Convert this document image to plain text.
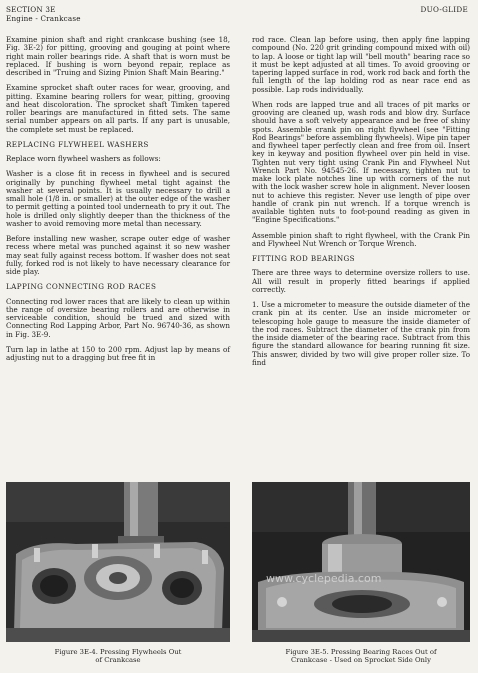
SECTION 3E
Engine - Crankcase
DUO-GLIDE

Examine pinion shaft and right crankcase bushing (see 18, Fig. 3E-2) for pitting, grooving and gouging at point where right main roller bearings ride. A shaft that is worn must be replaced. If bushing is worn beyond repair, replace as described in "Truing and Sizing Pinion Shaft Main Bearing."

Examine sprocket shaft outer races for wear, grooving, and pitting. Examine bearing rollers for wear, pitting, grooving and heat discoloration. The sprocket shaft Timken tapered roller bearings are manufactured in fitted sets. The same serial number appears on all parts. If any part is unusable, the complete set must be replaced.

REPLACING FLYWHEEL WASHERS

Replace worn flywheel washers as follows:

Washer is a close fit in recess in flywheel and is secured originally by punching flywheel metal tight against the washer at several points. It is usually necessary to drill a small hole (1/8 in. or smaller) at the outer edge of the washer to permit getting a pointed tool underneath to pry it out. The hole is drilled only slightly deeper than the thickness of the washer to avoid removing more metal than necessary.

Before installing new washer, scrape outer edge of washer recess where metal was punched against it so new washer may seat fully against recess bottom. If washer does not seat fully, forked rod is not likely to have necessary clearance for side play.

LAPPING CONNECTING ROD RACES

Connecting rod lower races that are likely to clean up within the range of oversize bearing rollers and are otherwise in serviceable condition, should be trued and sized with Connecting Rod Lapping Arbor, Part No. 96740-36, as shown in Fig. 3E-9.

Turn lap in lathe at 150 to 200 rpm. Adjust lap by means of adjusting nut to a dragging but free fit in

rod race. Clean lap before using, then apply fine lapping compound (No. 220 grit grinding compound mixed with oil) to lap. A loose or tight lap will "bell mouth" bearing race so it must be kept adjusted at all times. To avoid grooving or tapering lapped surface in rod, work rod back and forth the full length of the lap holding rod as near race end as possible. Lap rods individually.

When rods are lapped true and all traces of pit marks or grooving are cleaned up, wash rods and blow dry. Surface should have a soft velvety appearance and be free of shiny spots. Assemble crank pin on right flywheel (see "Fitting Rod Bearings" before assembling flywheels). Wipe pin taper and flywheel taper perfectly clean and free from oil. Insert key in keyway and position flywheel over pin held in vise. Tighten nut very tight using Crank Pin and Flywheel Nut Wrench Part No. 94545-26. If necessary, tighten nut to make lock plate notches line up with corners of the nut with the lock washer screw hole in alignment. Never loosen nut to achieve this register. Never use length of pipe over handle of crank pin nut wrench. If a torque wrench is available tighten nuts to foot-pound reading as given in "Engine Specifications."

Assemble pinion shaft to right flywheel, with the Crank Pin and Flywheel Nut Wrench or Torque Wrench.

FITTING ROD BEARINGS

There are three ways to determine oversize rollers to use. All will result in properly fitted bearings if applied correctly.

1. Use a micrometer to measure the outside diameter of the crank pin at its center. Use an inside micrometer or telescoping hole gauge to measure the inside diameter of the rod races. Subtract the diameter of the crank pin from the inside diameter of the bearing race. Subtract from this figure the standard allowance for bearing running fit size. This answer, divided by two will give proper roller size. To find

www.cyclepedia.com
Figure 3E-4. Pressing Flywheels Out
of Crankcase
Figure 3E-5. Pressing Bearing Races Out of
Crankcase - Used on Sprocket Side Only
